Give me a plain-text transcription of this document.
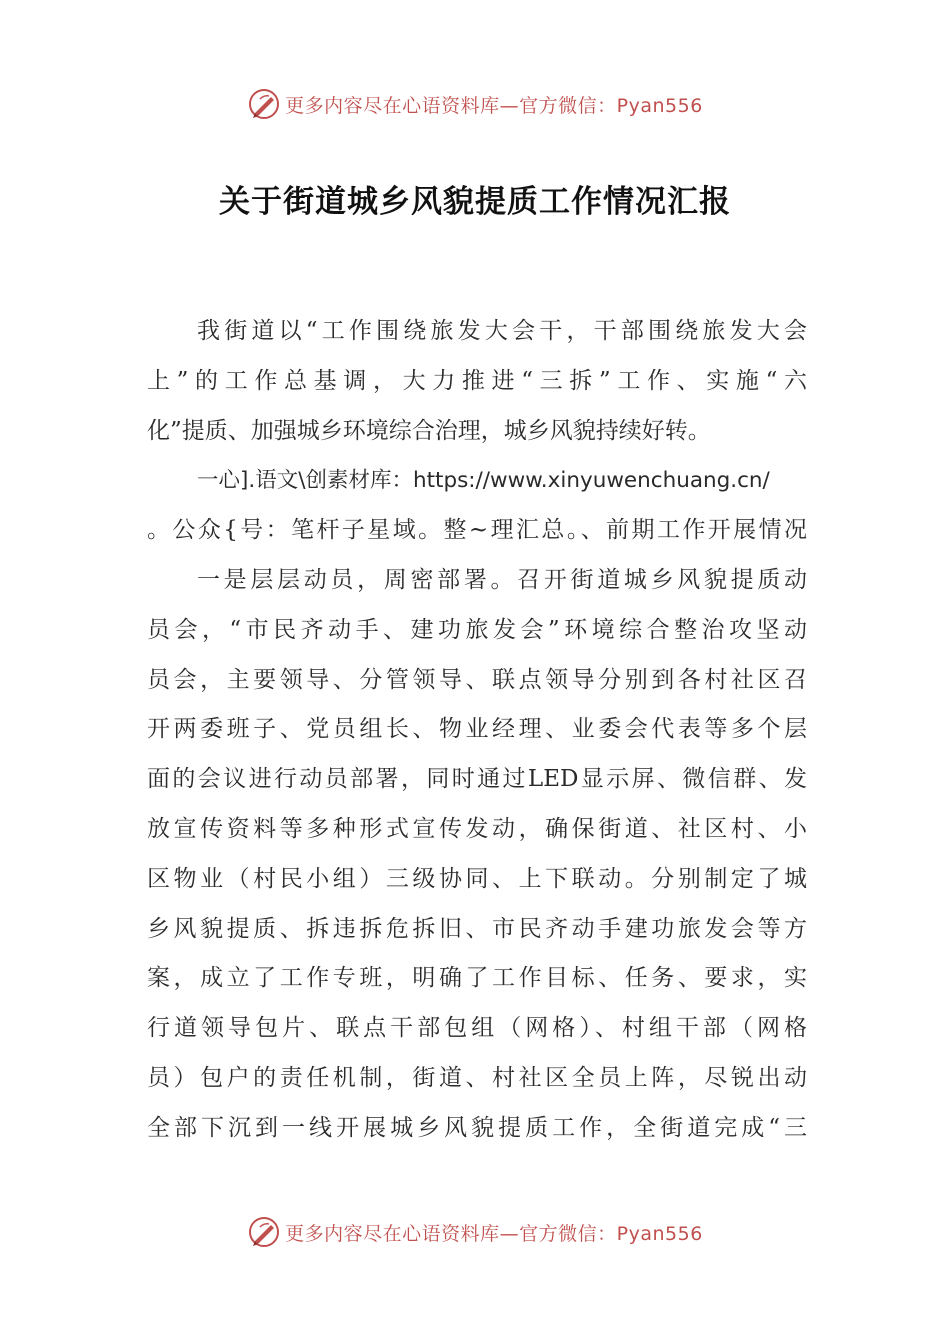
更多内容尽在心语资料库—官方微信：Pyan556
关于街道城乡风貌提质工作情况汇报
我街道以“工作围绕旅发大会干，干部围绕旅发大会
上”的工作总基调，大力推进“三拆”工作、实施“六
化”提质、加强城乡环境综合治理，城乡风貌持续好转。
一心].语文\创素材库：https://www.xinyuwenchuang.cn/
。公众{号：笔杆子星域。整~理汇总。、前期工作开展情况
一是层层动员，周密部署。召开街道城乡风貌提质动
员会，“市民齐动手、建功旅发会”环境综合整治攻坚动
员会，主要领导、分管领导、联点领导分别到各村社区召
开两委班子、党员组长、物业经理、业委会代表等多个层
面的会议进行动员部署，同时通过LED显示屏、微信群、发
放宣传资料等多种形式宣传发动，确保街道、社区村、小
区物业（村民小组）三级协同、上下联动。分别制定了城
乡风貌提质、拆违拆危拆旧、市民齐动手建功旅发会等方
案，成立了工作专班，明确了工作目标、任务、要求，实
行道领导包片、联点干部包组（网格）、村组干部（网格
员）包户的责任机制，街道、村社区全员上阵，尽锐出动
全部下沉到一线开展城乡风貌提质工作，全街道完成“三
更多内容尽在心语资料库—官方微信：Pyan556
